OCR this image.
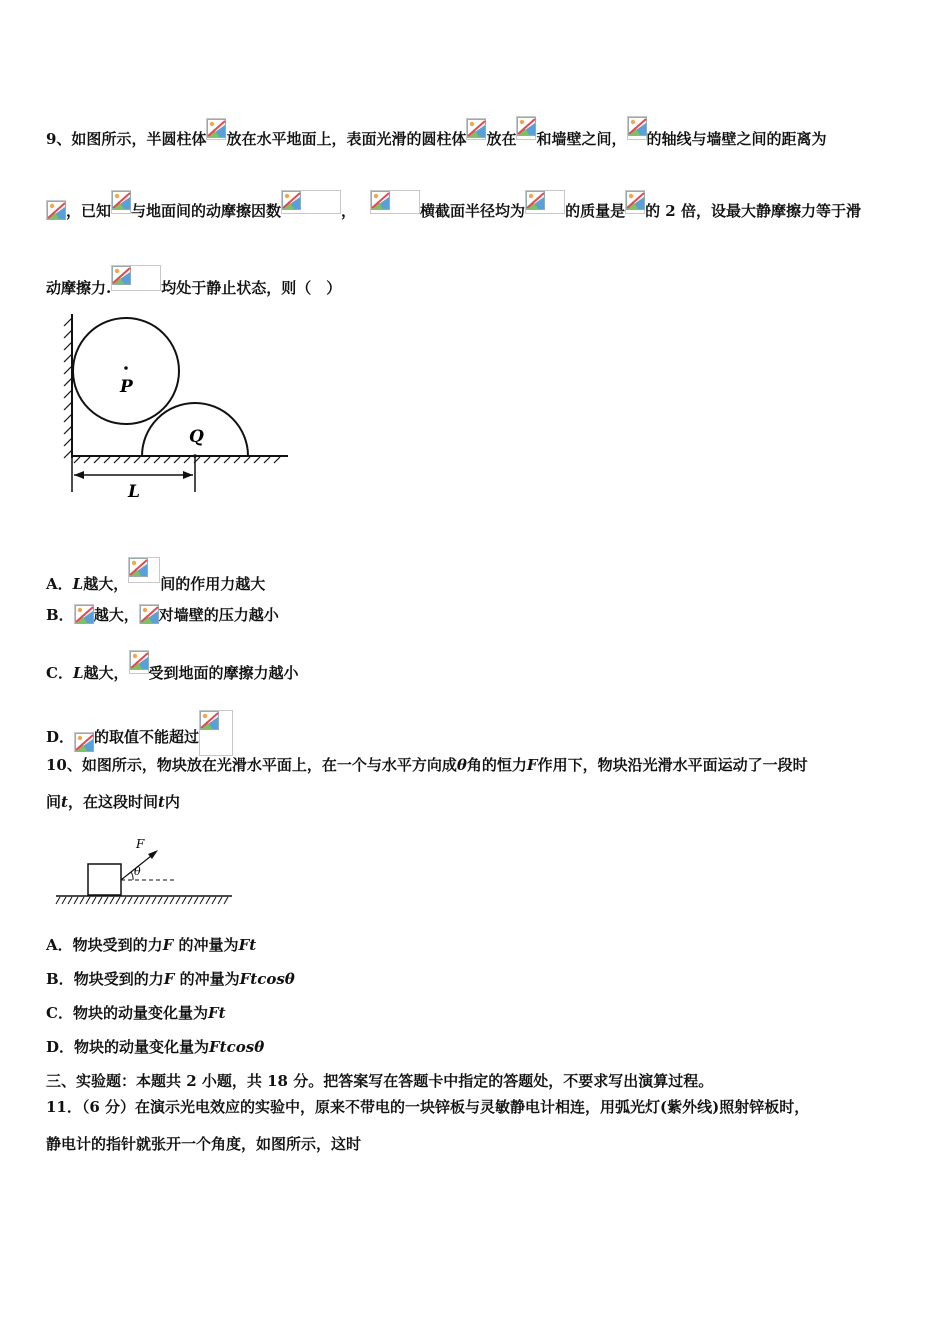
9、如图所示，半圆柱体 放在水平地面上，表面光滑的圆柱体 放在 和墙壁之间， 的轴线与墙壁之间的距离为
，已知 与地面间的动摩擦因数	，	横截面半径均为	的质量是 的 2 倍，设最大静摩擦力等于滑
动摩擦力.	均处于静止状态，则（　）
P
Q
L
A．L越大， 间的作用力越大
B． 越大， 对墙壁的压力越小
C．L越大， 受到地面的摩擦力越小
D． 的取值不能超过
10、如图所示，物块放在光滑水平面上，在一个与水平方向成θ角的恒力F作用下，物块沿光滑水平面运动了一段时
间t，在这段时间t内
F
θ
A．物块受到的力F 的冲量为Ft
B．物块受到的力F 的冲量为Ftcosθ
C．物块的动量变化量为Ft
D．物块的动量变化量为Ftcosθ
三、实验题：本题共 2 小题，共 18 分。把答案写在答题卡中指定的答题处，不要求写出演算过程。
11．（6 分）在演示光电效应的实验中，原来不带电的一块锌板与灵敏静电计相连，用弧光灯(紫外线)照射锌板时，
静电计的指针就张开一个角度，如图所示，这时
